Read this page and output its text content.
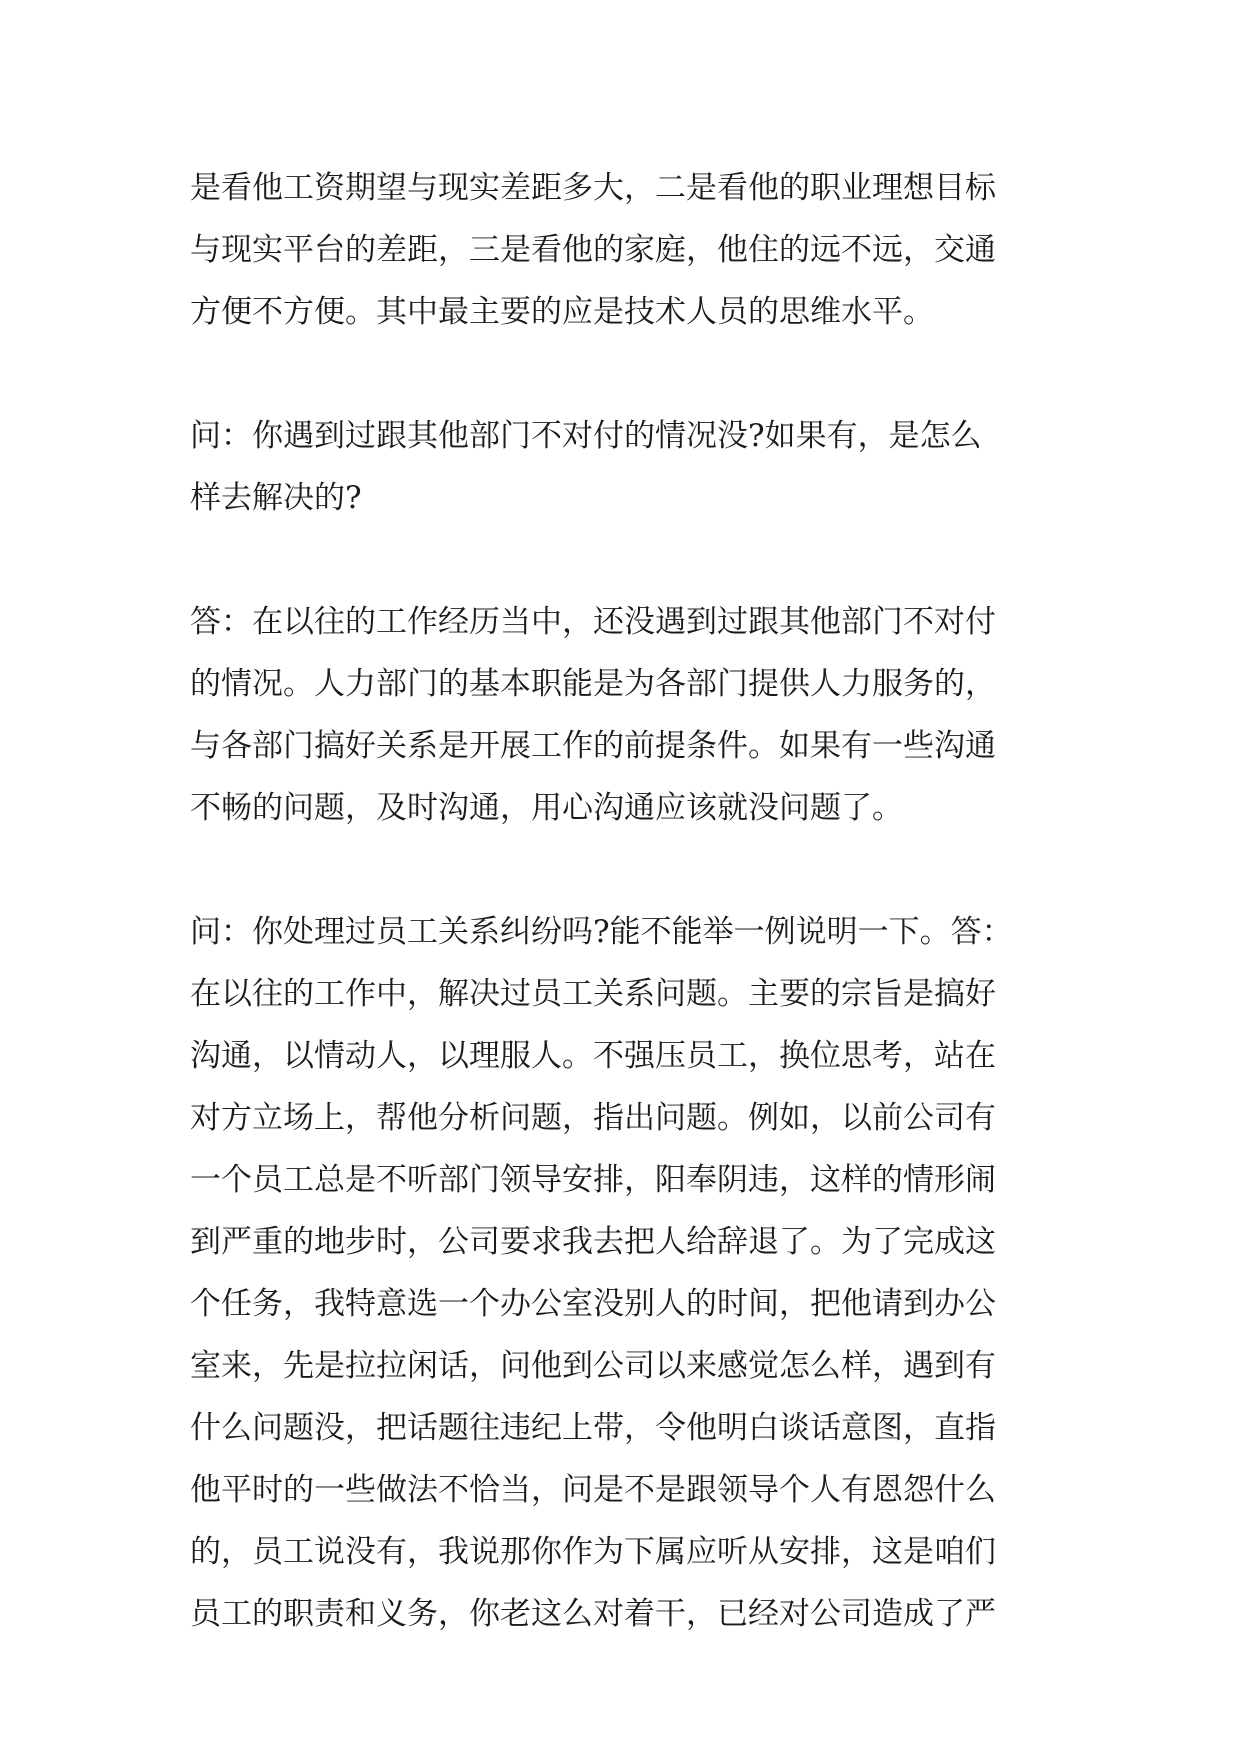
是看他工资期望与现实差距多大，二是看他的职业理想目标
与现实平台的差距，三是看他的家庭，他住的远不远，交通
方便不方便。其中最主要的应是技术人员的思维水平。
问：你遇到过跟其他部门不对付的情况没?如果有，是怎么
样去解决的?
答：在以往的工作经历当中，还没遇到过跟其他部门不对付
的情况。人力部门的基本职能是为各部门提供人力服务的，
与各部门搞好关系是开展工作的前提条件。如果有一些沟通
不畅的问题，及时沟通，用心沟通应该就没问题了。
问：你处理过员工关系纠纷吗?能不能举一例说明一下。答：
在以往的工作中，解决过员工关系问题。主要的宗旨是搞好
沟通，以情动人，以理服人。不强压员工，换位思考，站在
对方立场上，帮他分析问题，指出问题。例如，以前公司有
一个员工总是不听部门领导安排，阳奉阴违，这样的情形闹
到严重的地步时，公司要求我去把人给辞退了。为了完成这
个任务，我特意选一个办公室没别人的时间，把他请到办公
室来，先是拉拉闲话，问他到公司以来感觉怎么样，遇到有
什么问题没，把话题往违纪上带，令他明白谈话意图，直指
他平时的一些做法不恰当，问是不是跟领导个人有恩怨什么
的，员工说没有，我说那你作为下属应听从安排，这是咱们
员工的职责和义务，你老这么对着干，已经对公司造成了严
